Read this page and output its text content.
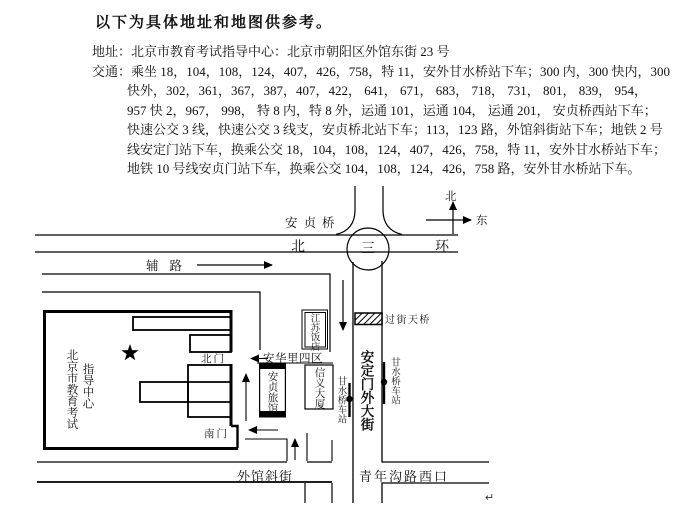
以下为具体地址和地图供参考。
地址：北京市教育考试指导中心：北京市朝阳区外馆东街 23 号
交通：乘坐 18，104，108，124，407，426，758，特 11，安外甘水桥站下车；300 内，300 快内，300
快外，302，361，367，387，407，422， 641， 671， 683， 718， 731， 801， 839， 954，
957 快 2，967， 998， 特 8 内，特 8 外，运通 101，运通 104， 运通 201， 安贞桥西站下车；
快速公交 3 线，快速公交 3 线支，安贞桥北站下车；113，123 路，外馆斜街站下车；地铁 2 号
线安定门站下车，换乘公交 18，104，108，124，407，426，758，特 11，安外甘水桥站下车；
地铁 10 号线安贞门站下车，换乘公交 104，108，124，426，758 路，安外甘水桥站下车。
安贞桥
北	三	环
北
东
辅路
过街天桥
江苏饭店
安华里四区
安贞旅馆	信义大厦	安定门外大街
甘水桥车站	甘水桥车站
北京市教育考试 指导中心
北门
南门
外馆斜街	青年沟路西口
↵
